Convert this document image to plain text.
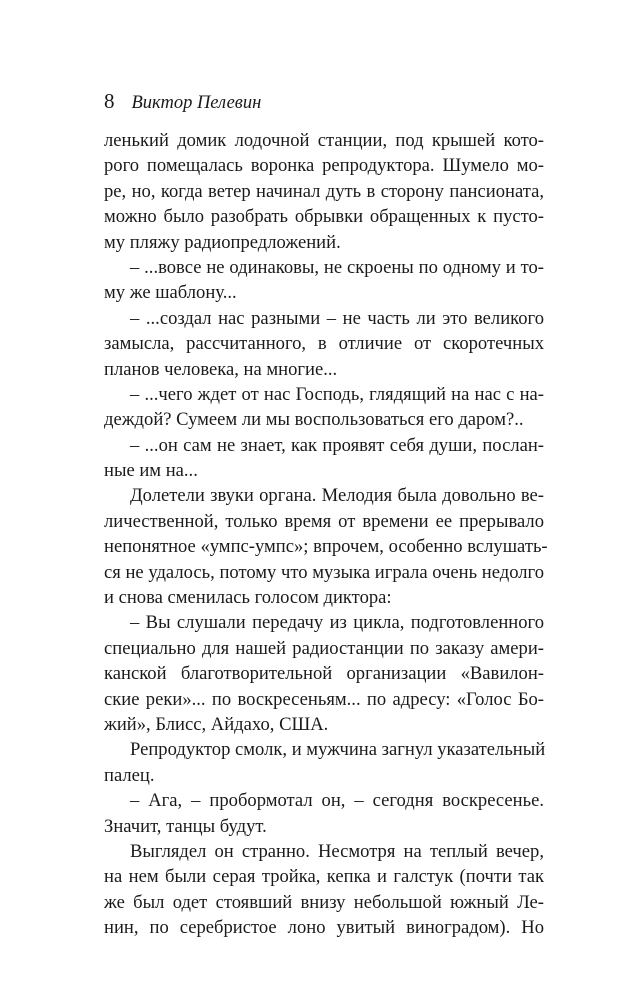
8 Виктор Пелевин
ленький домик лодочной станции, под крышей кото-
рого помещалась воронка репродуктора. Шумело мо-
ре, но, когда ветер начинал дуть в сторону пансионата,
можно было разобрать обрывки обращенных к пусто-
му пляжу радиопредложений.
– ...вовсе не одинаковы, не скроены по одному и то-
му же шаблону...
– ...создал нас разными – не часть ли это великого
замысла, рассчитанного, в отличие от скоротечных
планов человека, на многие...
– ...чего ждет от нас Господь, глядящий на нас с на-
деждой? Сумеем ли мы воспользоваться его даром?..
– ...он сам не знает, как проявят себя души, послан-
ные им на...
Долетели звуки органа. Мелодия была довольно ве-
личественной, только время от времени ее прерывало
непонятное «умпс-умпс»; впрочем, особенно вслушать-
ся не удалось, потому что музыка играла очень недолго
и снова сменилась голосом диктора:
– Вы слушали передачу из цикла, подготовленного
специально для нашей радиостанции по заказу амери-
канской благотворительной организации «Вавилон-
ские реки»... по воскресеньям... по адресу: «Голос Бо-
жий», Блисс, Айдахо, США.
Репродуктор смолк, и мужчина загнул указательный
палец.
– Ага, – пробормотал он, – сегодня воскресенье.
Значит, танцы будут.
Выглядел он странно. Несмотря на теплый вечер,
на нем были серая тройка, кепка и галстук (почти так
же был одет стоявший внизу небольшой южный Ле-
нин, по серебристое лоно увитый виноградом). Но
